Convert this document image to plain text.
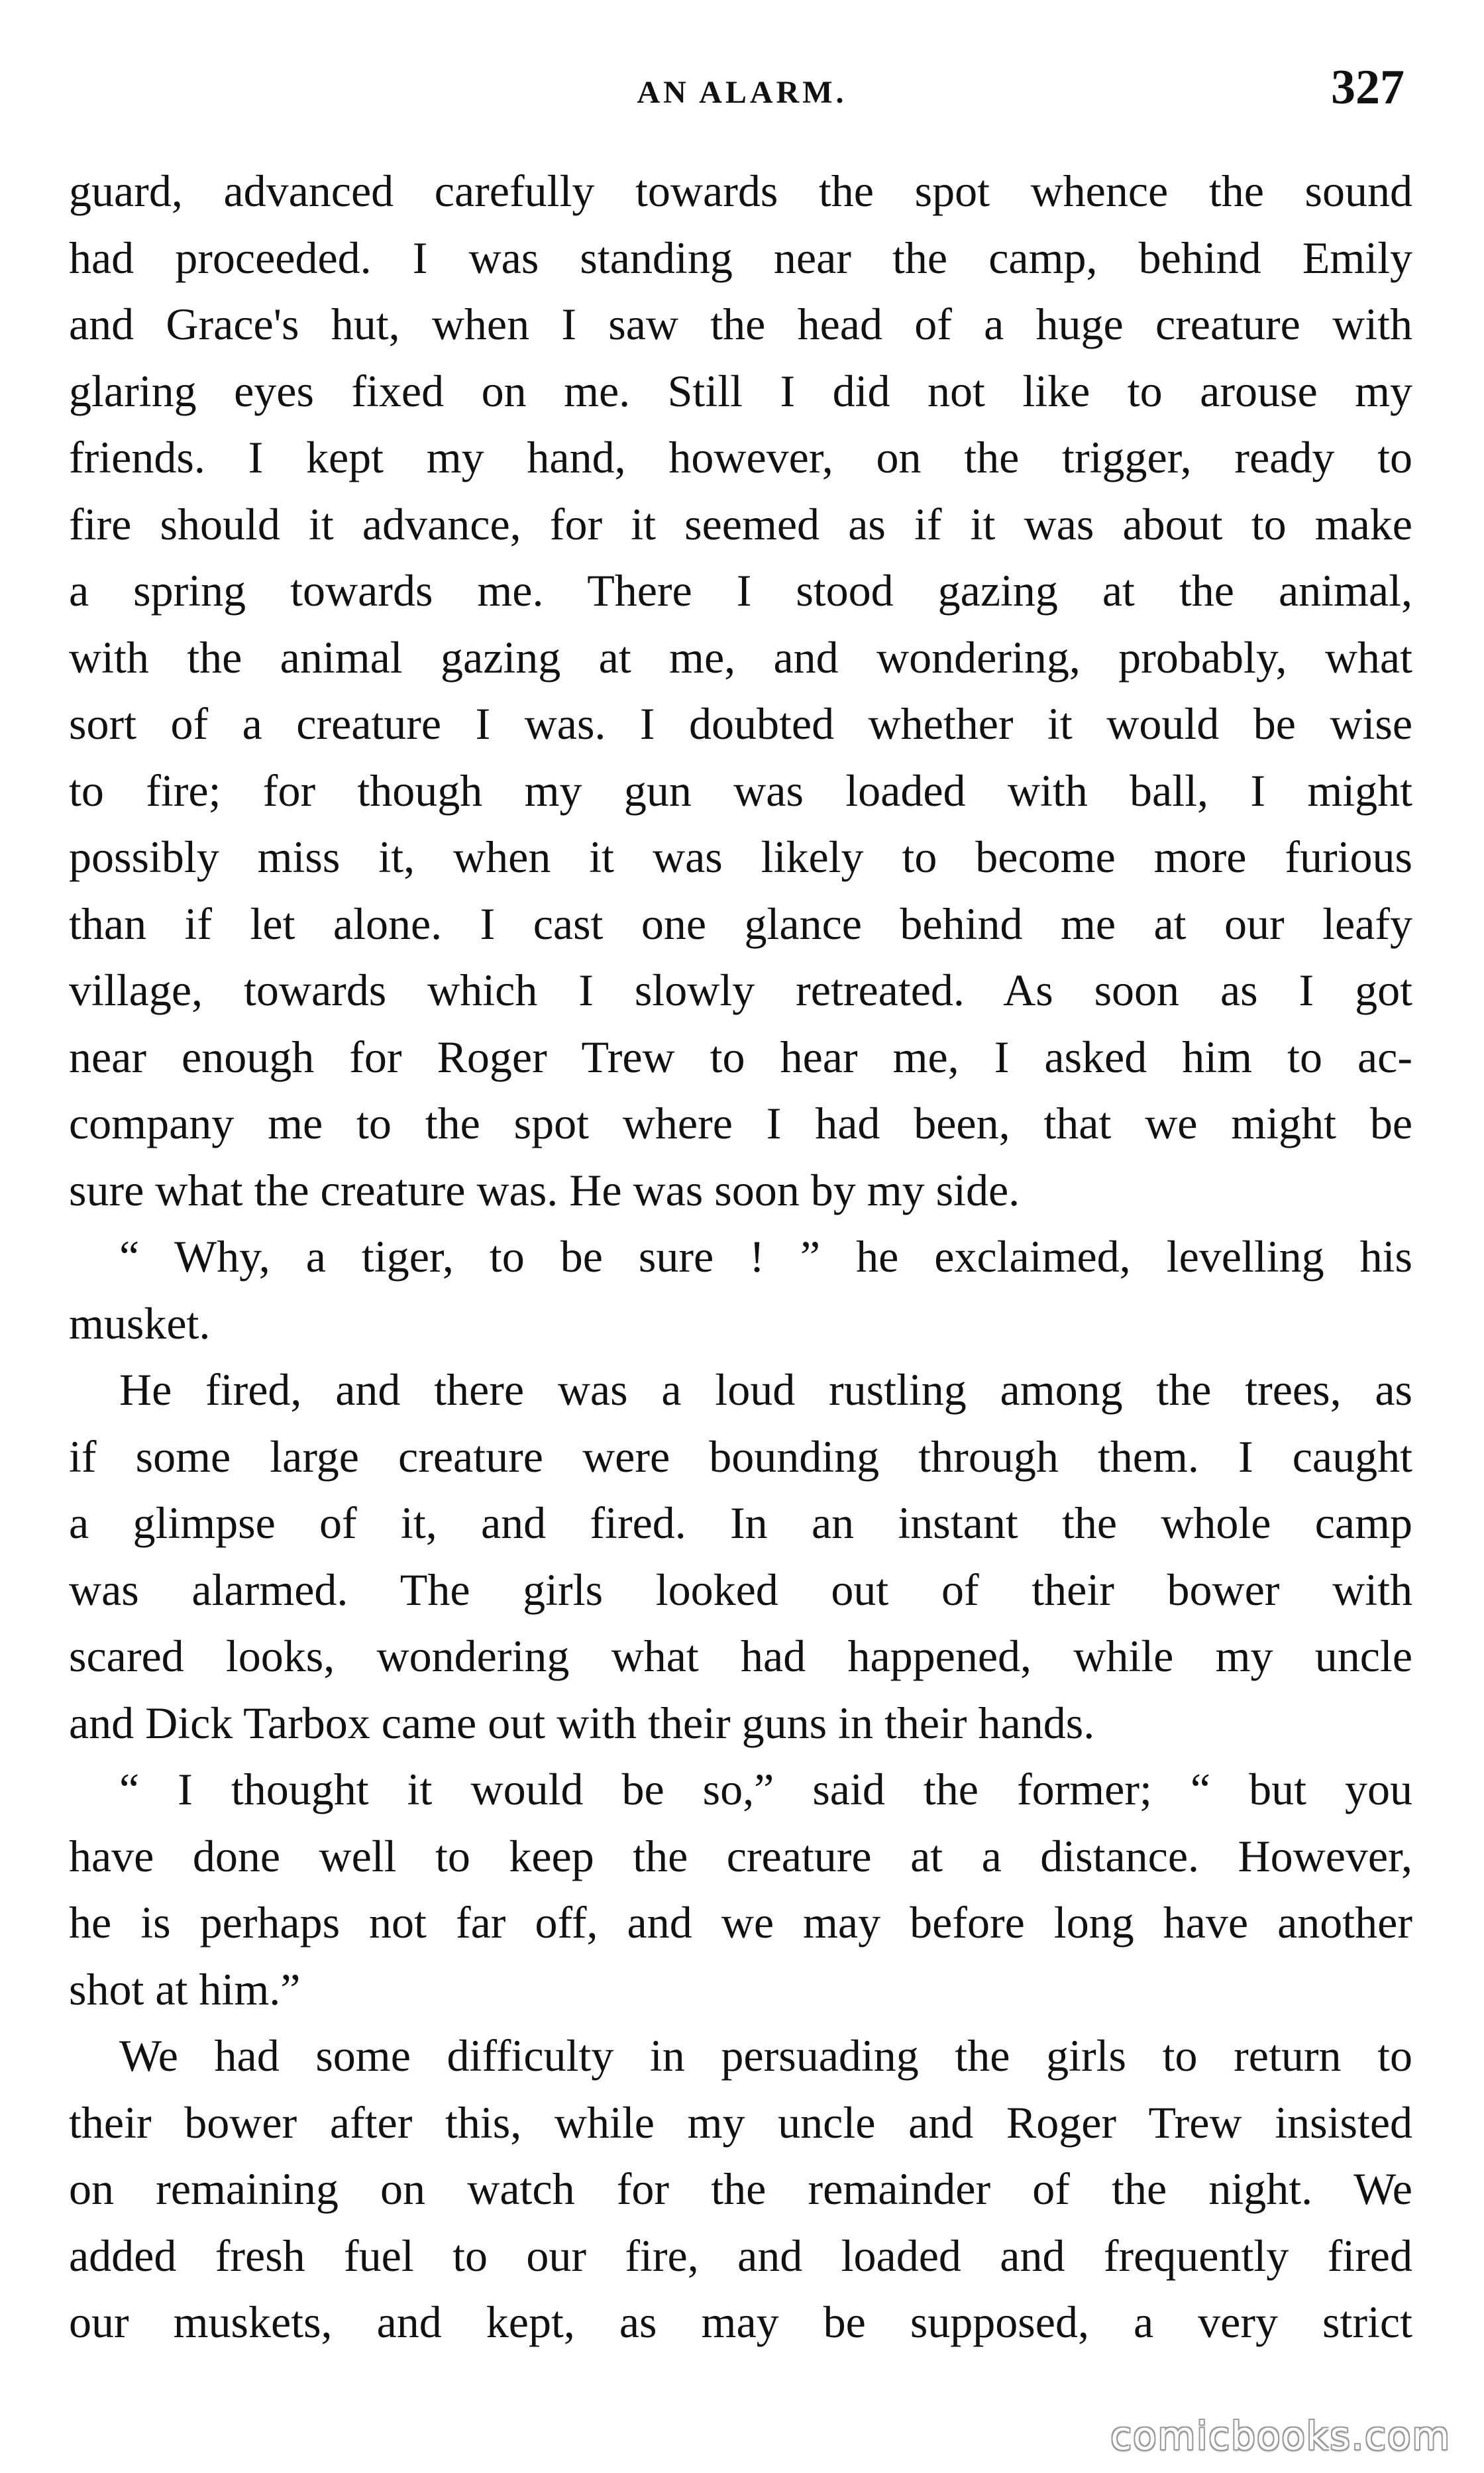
AN ALARM.	327

guard, advanced carefully towards the spot whence the sound

had proceeded. I was standing near the camp, behind Emily

and Grace's hut, when I saw the head of a huge creature with

glaring eyes fixed on me. Still I did not like to arouse my

friends. I kept my hand, however, on the trigger, ready to

fire should it advance, for it seemed as if it was about to make

a spring towards me. There I stood gazing at the animal,

with the animal gazing at me, and wondering, probably, what

sort of a creature I was. I doubted whether it would be wise

to fire; for though my gun was loaded with ball, I might

possibly miss it, when it was likely to become more furious

than if let alone. I cast one glance behind me at our leafy

village, towards which I slowly retreated. As soon as I got

near enough for Roger Trew to hear me, I asked him to ac-

company me to the spot where I had been, that we might be

sure what the creature was. He was soon by my side.

“ Why, a tiger, to be sure ! ” he exclaimed, levelling his

musket.

He fired, and there was a loud rustling among the trees, as

if some large creature were bounding through them. I caught

a glimpse of it, and fired. In an instant the whole camp

was alarmed. The girls looked out of their bower with

scared looks, wondering what had happened, while my uncle

and Dick Tarbox came out with their guns in their hands.

“ I thought it would be so,” said the former; “ but you

have done well to keep the creature at a distance. However,

he is perhaps not far off, and we may before long have another

shot at him.”

We had some difficulty in persuading the girls to return to

their bower after this, while my uncle and Roger Trew insisted

on remaining on watch for the remainder of the night. We

added fresh fuel to our fire, and loaded and frequently fired

our muskets, and kept, as may be supposed, a very strict

comicbooks.com
